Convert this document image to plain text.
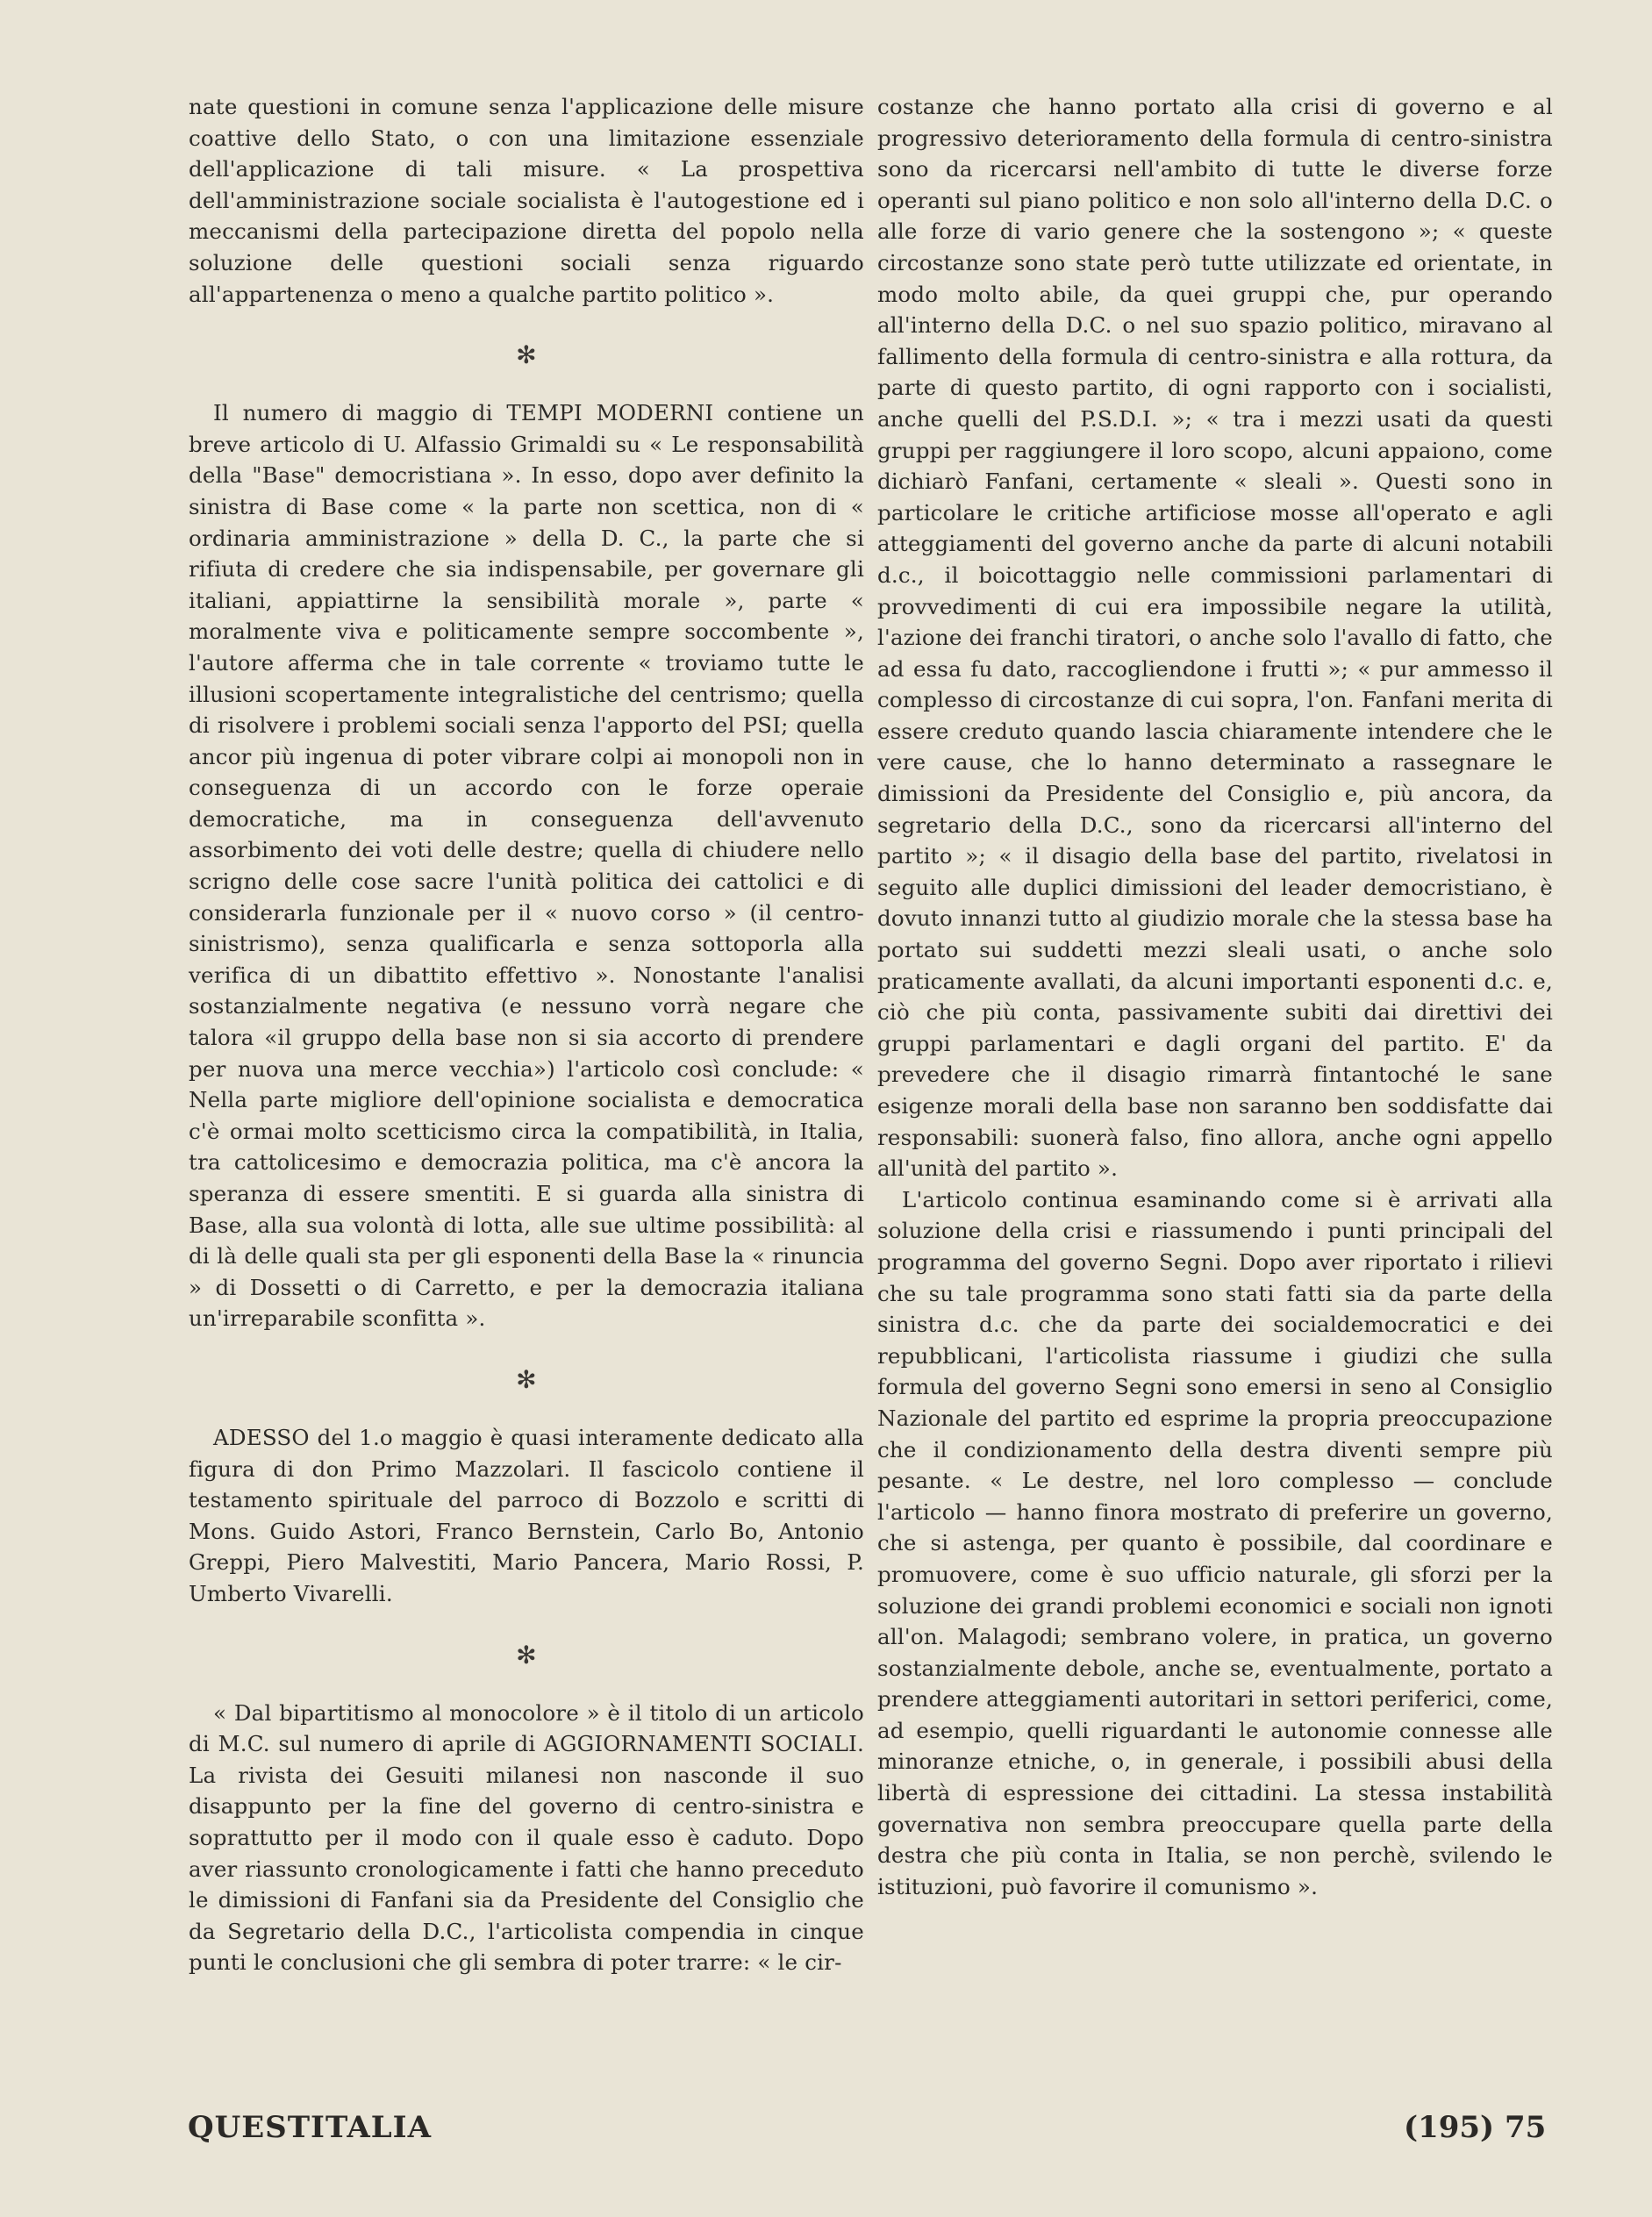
nate questioni in comune senza l'applicazione delle misure coattive dello Stato, o con una limitazione essenziale dell'applicazione di tali misure. « La prospettiva dell'amministrazione sociale socialista è l'autogestione ed i meccanismi della partecipazione diretta del popolo nella soluzione delle questioni sociali senza riguardo all'appartenenza o meno a qualche partito politico ».

✻

Il numero di maggio di TEMPI MODERNI contiene un breve articolo di U. Alfassio Grimaldi su « Le responsabilità della "Base" democristiana ». In esso, dopo aver definito la sinistra di Base come « la parte non scettica, non di « ordinaria amministrazione » della D. C., la parte che si rifiuta di credere che sia indispensabile, per governare gli italiani, appiattirne la sensibilità morale », parte « moralmente viva e politicamente sempre soccombente », l'autore afferma che in tale corrente « troviamo tutte le illusioni scopertamente integralistiche del centrismo; quella di risolvere i problemi sociali senza l'apporto del PSI; quella ancor più ingenua di poter vibrare colpi ai monopoli non in conseguenza di un accordo con le forze operaie democratiche, ma in conseguenza dell'avvenuto assorbimento dei voti delle destre; quella di chiudere nello scrigno delle cose sacre l'unità politica dei cattolici e di considerarla funzionale per il « nuovo corso » (il centro-sinistrismo), senza qualificarla e senza sottoporla alla verifica di un dibattito effettivo ». Nonostante l'analisi sostanzialmente negativa (e nessuno vorrà negare che talora «il gruppo della base non si sia accorto di prendere per nuova una merce vecchia») l'articolo così conclude: « Nella parte migliore dell'opinione socialista e democratica c'è ormai molto scetticismo circa la compatibilità, in Italia, tra cattolicesimo e democrazia politica, ma c'è ancora la speranza di essere smentiti. E si guarda alla sinistra di Base, alla sua volontà di lotta, alle sue ultime possibilità: al di là delle quali sta per gli esponenti della Base la « rinuncia » di Dossetti o di Carretto, e per la democrazia italiana un'irreparabile sconfitta ».

✻

ADESSO del 1.o maggio è quasi interamente dedicato alla figura di don Primo Mazzolari. Il fascicolo contiene il testamento spirituale del parroco di Bozzolo e scritti di Mons. Guido Astori, Franco Bernstein, Carlo Bo, Antonio Greppi, Piero Malvestiti, Mario Pancera, Mario Rossi, P. Umberto Vivarelli.

✻

« Dal bipartitismo al monocolore » è il titolo di un articolo di M.C. sul numero di aprile di AGGIORNAMENTI SOCIALI. La rivista dei Gesuiti milanesi non nasconde il suo disappunto per la fine del governo di centro-sinistra e soprattutto per il modo con il quale esso è caduto. Dopo aver riassunto cronologicamente i fatti che hanno preceduto le dimissioni di Fanfani sia da Presidente del Consiglio che da Segretario della D.C., l'articolista compendia in cinque punti le conclusioni che gli sembra di poter trarre: « le cir-

costanze che hanno portato alla crisi di governo e al progressivo deterioramento della formula di centro-sinistra sono da ricercarsi nell'ambito di tutte le diverse forze operanti sul piano politico e non solo all'interno della D.C. o alle forze di vario genere che la sostengono »; « queste circostanze sono state però tutte utilizzate ed orientate, in modo molto abile, da quei gruppi che, pur operando all'interno della D.C. o nel suo spazio politico, miravano al fallimento della formula di centro-sinistra e alla rottura, da parte di questo partito, di ogni rapporto con i socialisti, anche quelli del P.S.D.I. »; « tra i mezzi usati da questi gruppi per raggiungere il loro scopo, alcuni appaiono, come dichiarò Fanfani, certamente « sleali ». Questi sono in particolare le critiche artificiose mosse all'operato e agli atteggiamenti del governo anche da parte di alcuni notabili d.c., il boicottaggio nelle commissioni parlamentari di provvedimenti di cui era impossibile negare la utilità, l'azione dei franchi tiratori, o anche solo l'avallo di fatto, che ad essa fu dato, raccogliendone i frutti »; « pur ammesso il complesso di circostanze di cui sopra, l'on. Fanfani merita di essere creduto quando lascia chiaramente intendere che le vere cause, che lo hanno determinato a rassegnare le dimissioni da Presidente del Consiglio e, più ancora, da segretario della D.C., sono da ricercarsi all'interno del partito »; « il disagio della base del partito, rivelatosi in seguito alle duplici dimissioni del leader democristiano, è dovuto innanzi tutto al giudizio morale che la stessa base ha portato sui suddetti mezzi sleali usati, o anche solo praticamente avallati, da alcuni importanti esponenti d.c. e, ciò che più conta, passivamente subiti dai direttivi dei gruppi parlamentari e dagli organi del partito. E' da prevedere che il disagio rimarrà fintantoché le sane esigenze morali della base non saranno ben soddisfatte dai responsabili: suonerà falso, fino allora, anche ogni appello all'unità del partito ».

L'articolo continua esaminando come si è arrivati alla soluzione della crisi e riassumendo i punti principali del programma del governo Segni. Dopo aver riportato i rilievi che su tale programma sono stati fatti sia da parte della sinistra d.c. che da parte dei socialdemocratici e dei repubblicani, l'articolista riassume i giudizi che sulla formula del governo Segni sono emersi in seno al Consiglio Nazionale del partito ed esprime la propria preoccupazione che il condizionamento della destra diventi sempre più pesante. « Le destre, nel loro complesso — conclude l'articolo — hanno finora mostrato di preferire un governo, che si astenga, per quanto è possibile, dal coordinare e promuovere, come è suo ufficio naturale, gli sforzi per la soluzione dei grandi problemi economici e sociali non ignoti all'on. Malagodi; sembrano volere, in pratica, un governo sostanzialmente debole, anche se, eventualmente, portato a prendere atteggiamenti autoritari in settori periferici, come, ad esempio, quelli riguardanti le autonomie connesse alle minoranze etniche, o, in generale, i possibili abusi della libertà di espressione dei cittadini. La stessa instabilità governativa non sembra preoccupare quella parte della destra che più conta in Italia, se non perchè, svilendo le istituzioni, può favorire il comunismo ».

QUESTITALIA	(195) 75
